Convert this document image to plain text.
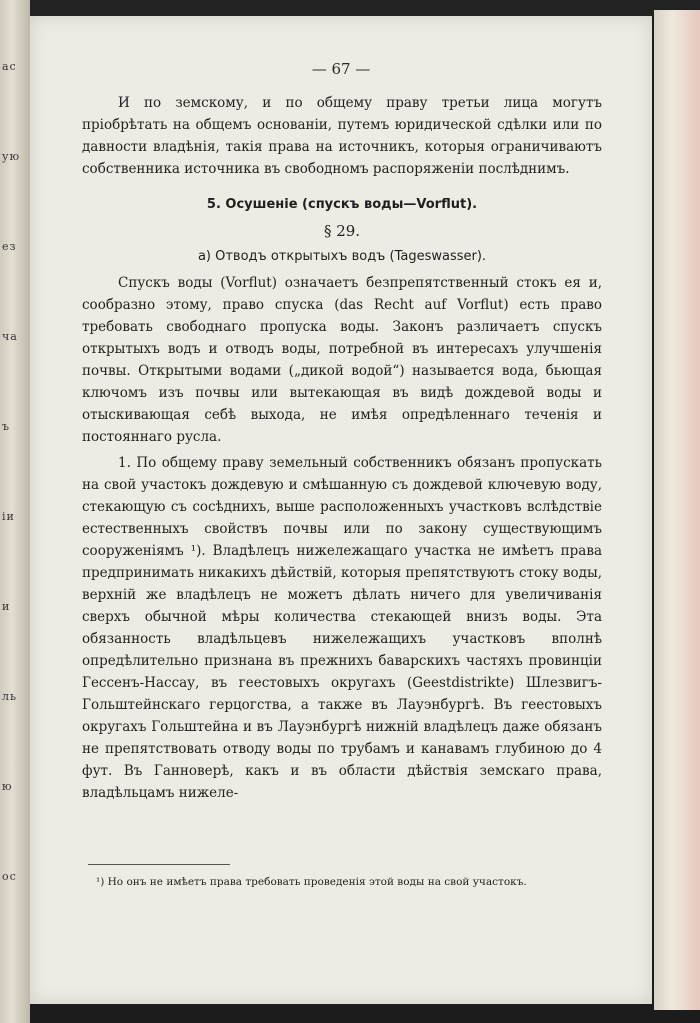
ас
ую
ез
ча
ъ
іи
и
ль
ю
ос
— 67 —

И по земскому, и по общему праву третьи лица могутъ пріобрѣтать на общемъ основаніи, путемъ юридической сдѣлки или по давности владѣнія, такія права на источникъ, которыя ограничиваютъ собственника источника въ свободномъ распоряженіи послѣднимъ.

5. Осушеніе (спускъ воды—Vorflut).
§ 29.
а) Отводъ открытыхъ водъ (Tageswasser).

Спускъ воды (Vorflut) означаетъ безпрепятственный стокъ ея и, сообразно этому, право спуска (das Recht auf Vorflut) есть право требовать свободнаго пропуска воды. Законъ различаетъ спускъ открытыхъ водъ и отводъ воды, потребной въ интересахъ улучшенія почвы. Открытыми водами („дикой водой“) называется вода, бьющая ключомъ изъ почвы или вытекающая въ видѣ дождевой воды и отыскивающая себѣ выхода, не имѣя опредѣленнаго теченія и постояннаго русла.

1. По общему праву земельный собственникъ обязанъ пропускать на свой участокъ дождевую и смѣшанную съ дождевой ключевую воду, стекающую съ сосѣднихъ, выше расположенныхъ участковъ вслѣдствіе естественныхъ свойствъ почвы или по закону существующимъ сооруженіямъ ¹). Владѣлецъ нижележащаго участка не имѣетъ права предпринимать никакихъ дѣйствій, которыя препятствуютъ стоку воды, верхній же владѣлецъ не можетъ дѣлать ничего для увеличиванія сверхъ обычной мѣры количества стекающей внизъ воды. Эта обязанность владѣльцевъ нижележащихъ участковъ вполнѣ опредѣлительно признана въ прежнихъ баварскихъ частяхъ провинціи Гессенъ-Нассау, въ геестовыхъ округахъ (Geestdistrikte) Шлезвигъ-Гольштейнскаго герцогства, а также въ Лауэнбургѣ. Въ геестовыхъ округахъ Гольштейна и въ Лауэнбургѣ нижній владѣлецъ даже обязанъ не препятствовать отводу воды по трубамъ и канавамъ глубиною до 4 фут. Въ Ганноверѣ, какъ и въ области дѣйствія земскаго права, владѣльцамъ нижеле-

¹) Но онъ не имѣетъ права требовать проведенія этой воды на свой участокъ.
